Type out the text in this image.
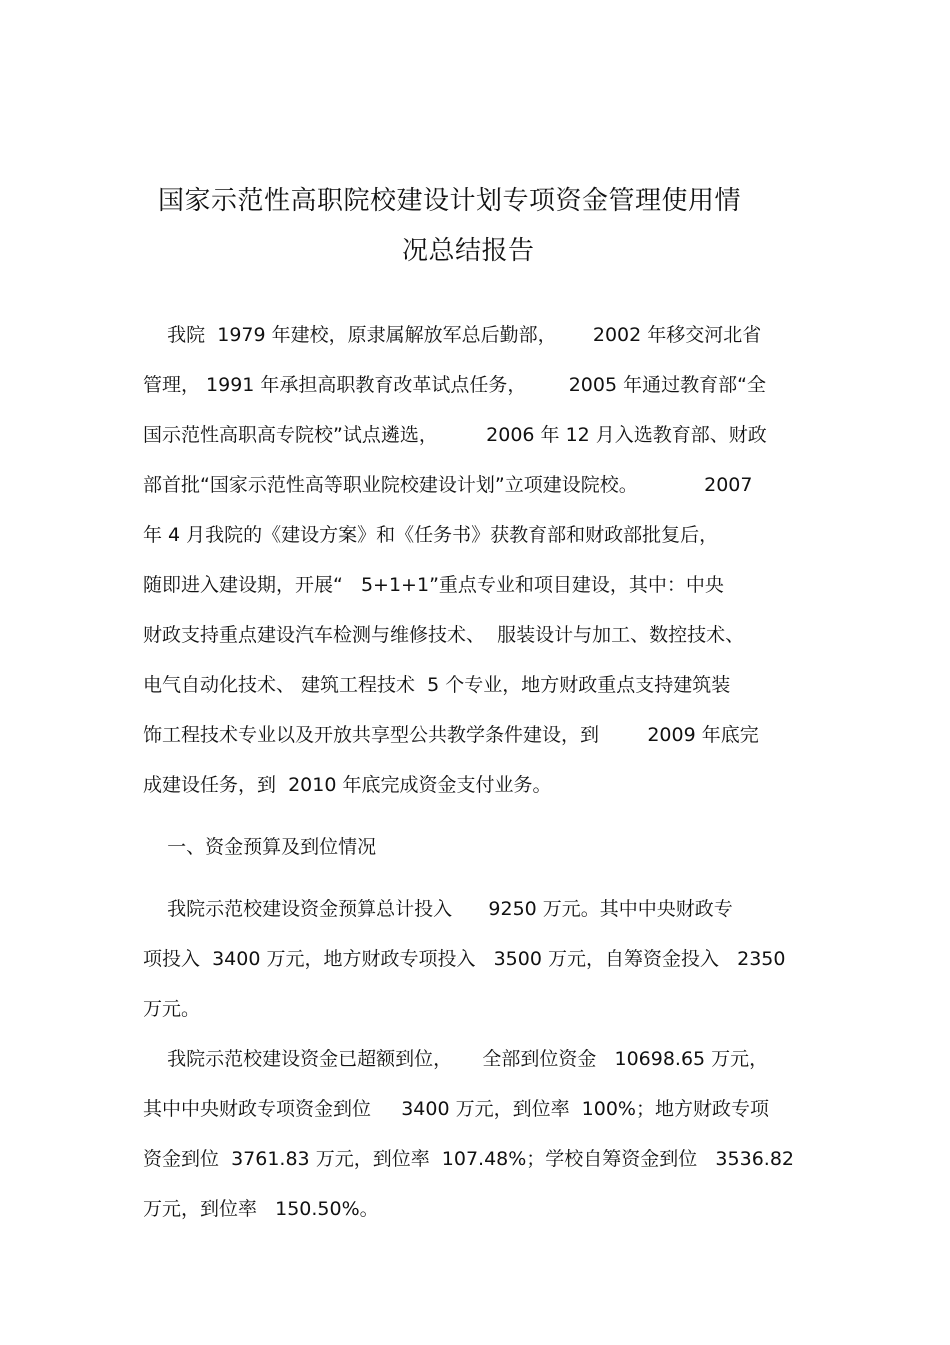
国家示范性高职院校建设计划专项资金管理使用情
况总结报告
我院  1979 年建校，原隶属解放军总后勤部，      2002 年移交河北省
管理， 1991 年承担高职教育改革试点任务，       2005 年通过教育部“全
国示范性高职高专院校”试点遴选，        2006 年 12 月入选教育部、财政
部首批“国家示范性高等职业院校建设计划”立项建设院校。           2007
年 4 月我院的《建设方案》和《任务书》获教育部和财政部批复后，
随即进入建设期，开展“   5+1+1”重点专业和项目建设，其中：中央
财政支持重点建设汽车检测与维修技术、  服装设计与加工、数控技术、
电气自动化技术、 建筑工程技术  5 个专业，地方财政重点支持建筑装
饰工程技术专业以及开放共享型公共教学条件建设，到        2009 年底完
成建设任务，到  2010 年底完成资金支付业务。
一、资金预算及到位情况
我院示范校建设资金预算总计投入      9250 万元。其中中央财政专
项投入  3400 万元，地方财政专项投入   3500 万元，自筹资金投入   2350
万元。
我院示范校建设资金已超额到位，     全部到位资金   10698.65 万元，
其中中央财政专项资金到位     3400 万元，到位率  100%；地方财政专项
资金到位  3761.83 万元，到位率  107.48%；学校自筹资金到位   3536.82
万元，到位率   150.50%。
